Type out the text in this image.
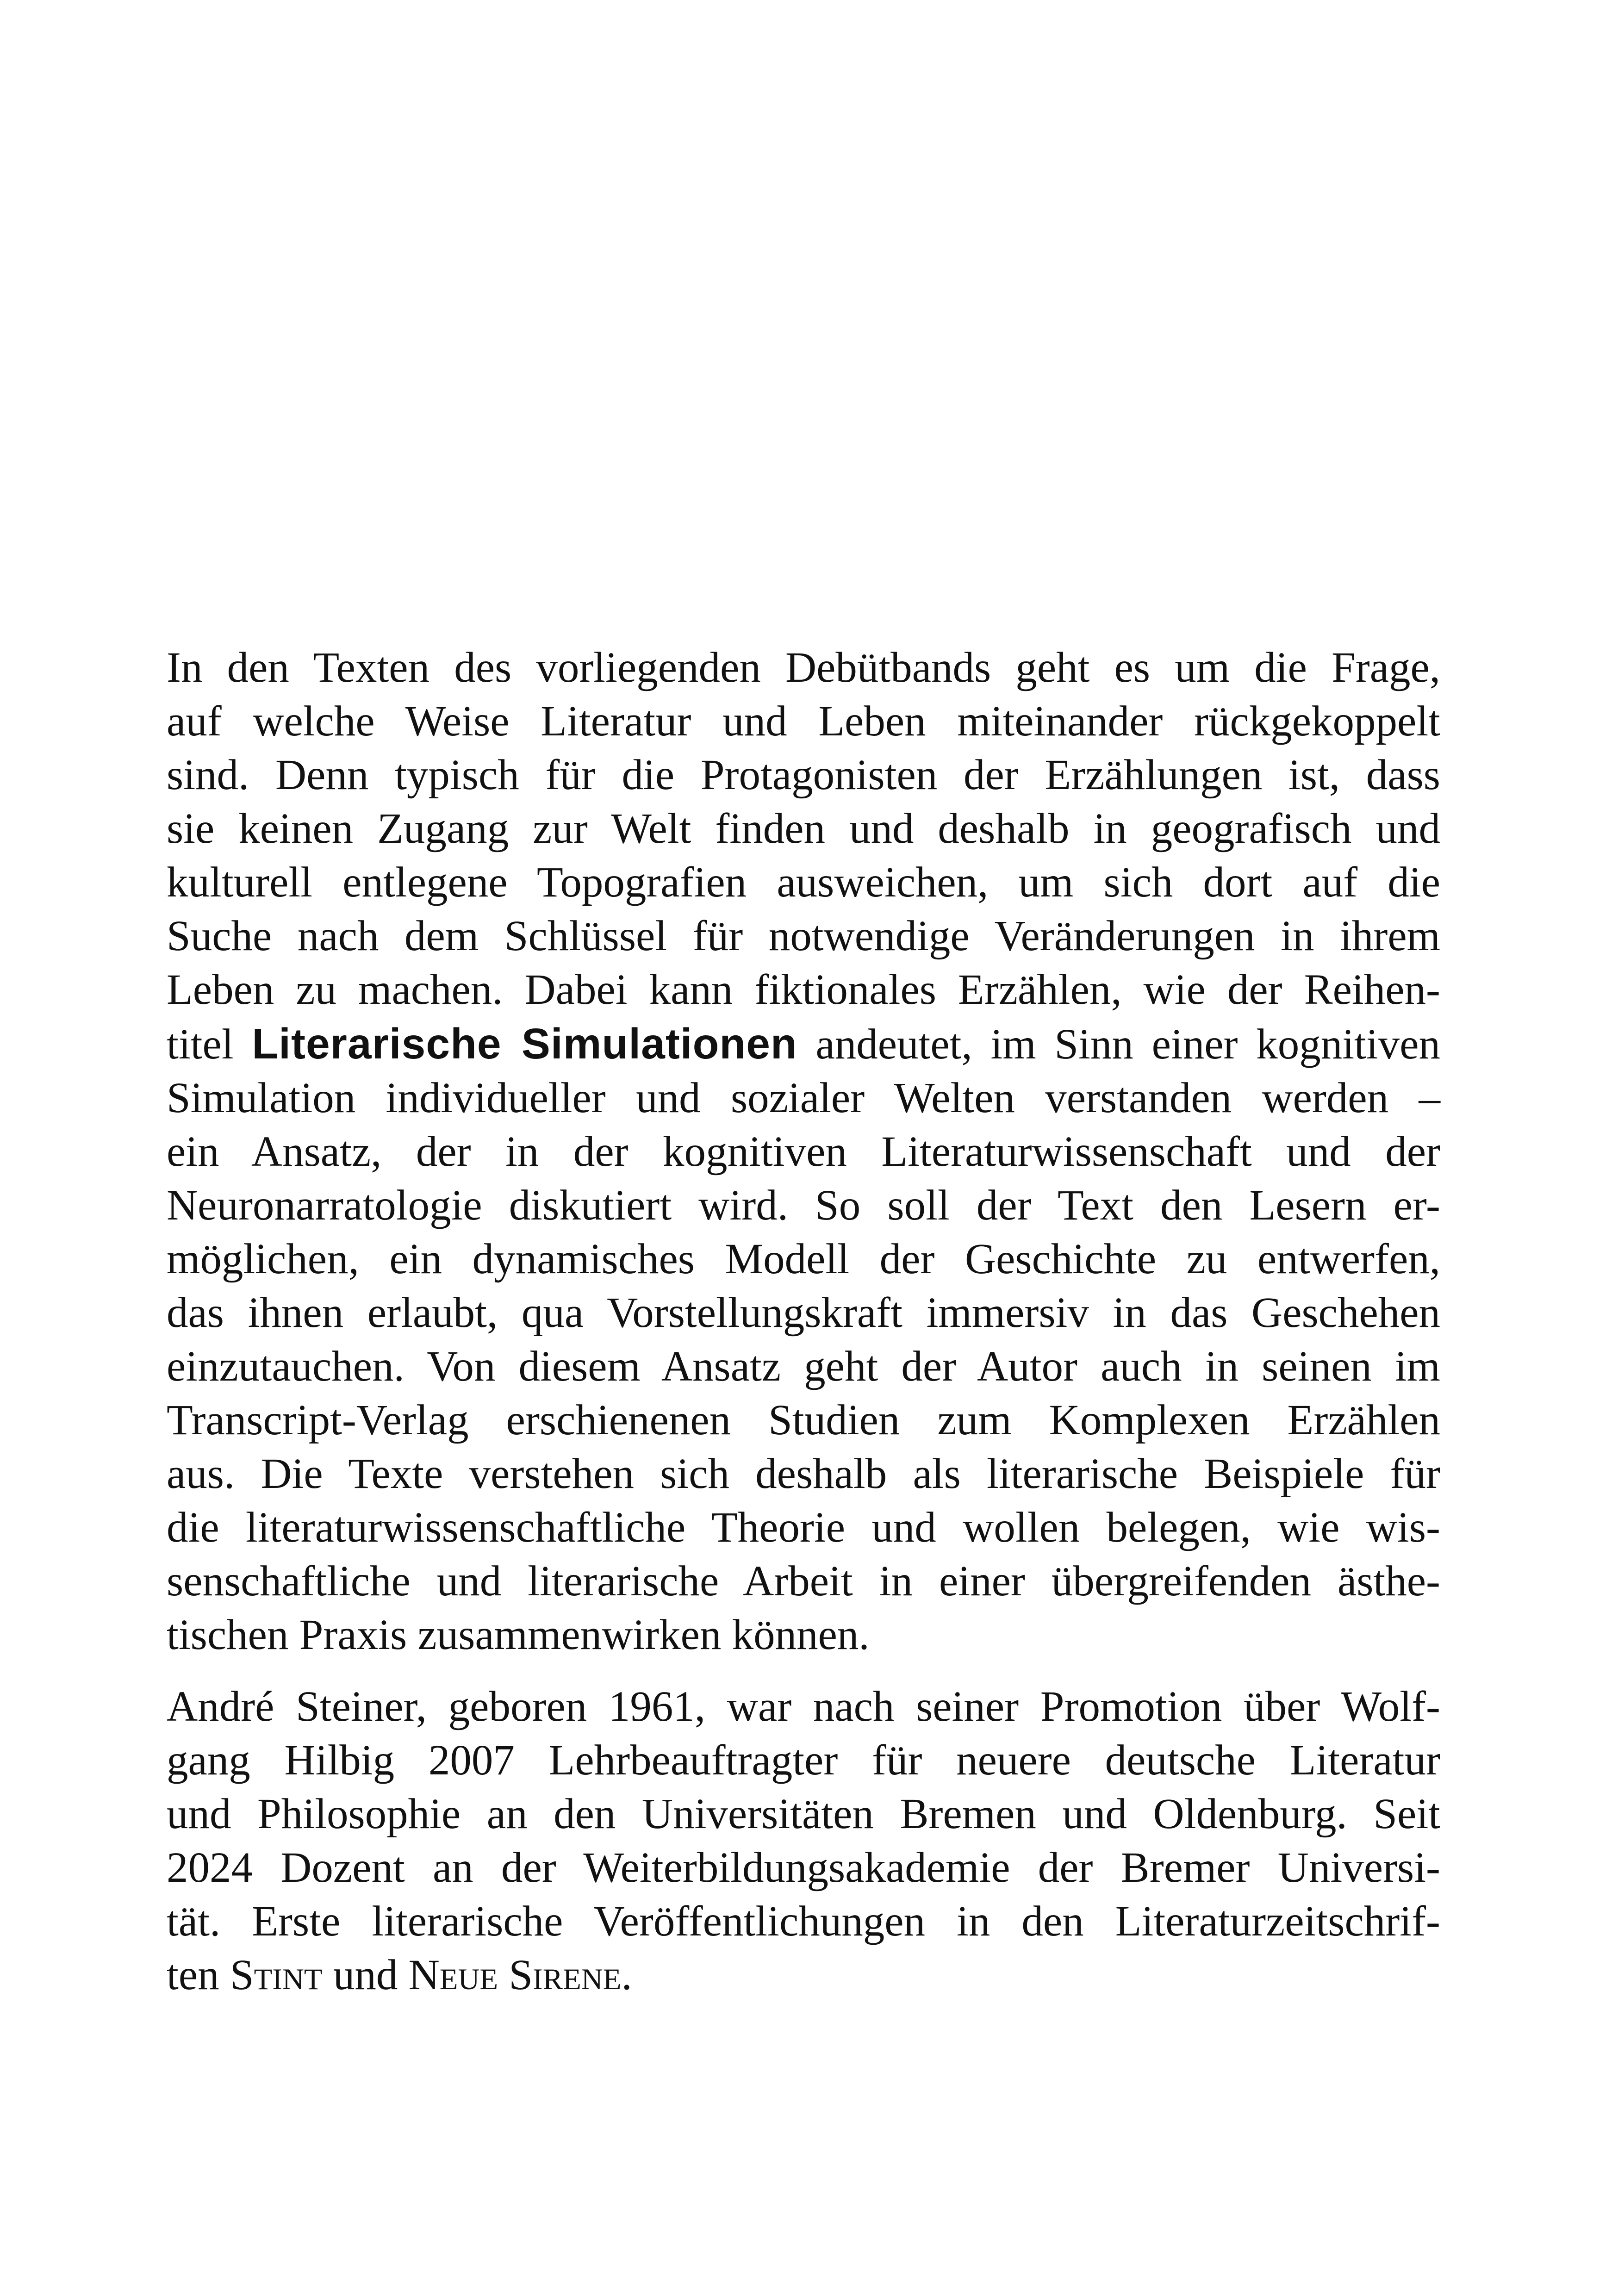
In den Texten des vorliegenden Debütbands geht es um die Frage,
auf welche Weise Literatur und Leben miteinander rückgekoppelt
sind. Denn typisch für die Protagonisten der Erzählungen ist, dass
sie keinen Zugang zur Welt finden und deshalb in geografisch und
kulturell entlegene Topografien ausweichen, um sich dort auf die
Suche nach dem Schlüssel für notwendige Veränderungen in ihrem
Leben zu machen. Dabei kann fiktionales Erzählen, wie der Reihen-
titel Literarische Simulationen andeutet, im Sinn einer kognitiven
Simulation individueller und sozialer Welten verstanden werden –
ein Ansatz, der in der kognitiven Literaturwissenschaft und der
Neuronarratologie diskutiert wird. So soll der Text den Lesern er-
möglichen, ein dynamisches Modell der Geschichte zu entwerfen,
das ihnen erlaubt, qua Vorstellungskraft immersiv in das Geschehen
einzutauchen. Von diesem Ansatz geht der Autor auch in seinen im
Transcript-Verlag erschienenen Studien zum Komplexen Erzählen
aus. Die Texte verstehen sich deshalb als literarische Beispiele für
die literaturwissenschaftliche Theorie und wollen belegen, wie wis-
senschaftliche und literarische Arbeit in einer übergreifenden ästhe-
tischen Praxis zusammenwirken können.
André Steiner, geboren 1961, war nach seiner Promotion über Wolf-
gang Hilbig 2007 Lehrbeauftragter für neuere deutsche Literatur
und Philosophie an den Universitäten Bremen und Oldenburg. Seit
2024 Dozent an der Weiterbildungsakademie der Bremer Universi-
tät. Erste literarische Veröffentlichungen in den Literaturzeitschrif-
ten Stint und Neue Sirene.
